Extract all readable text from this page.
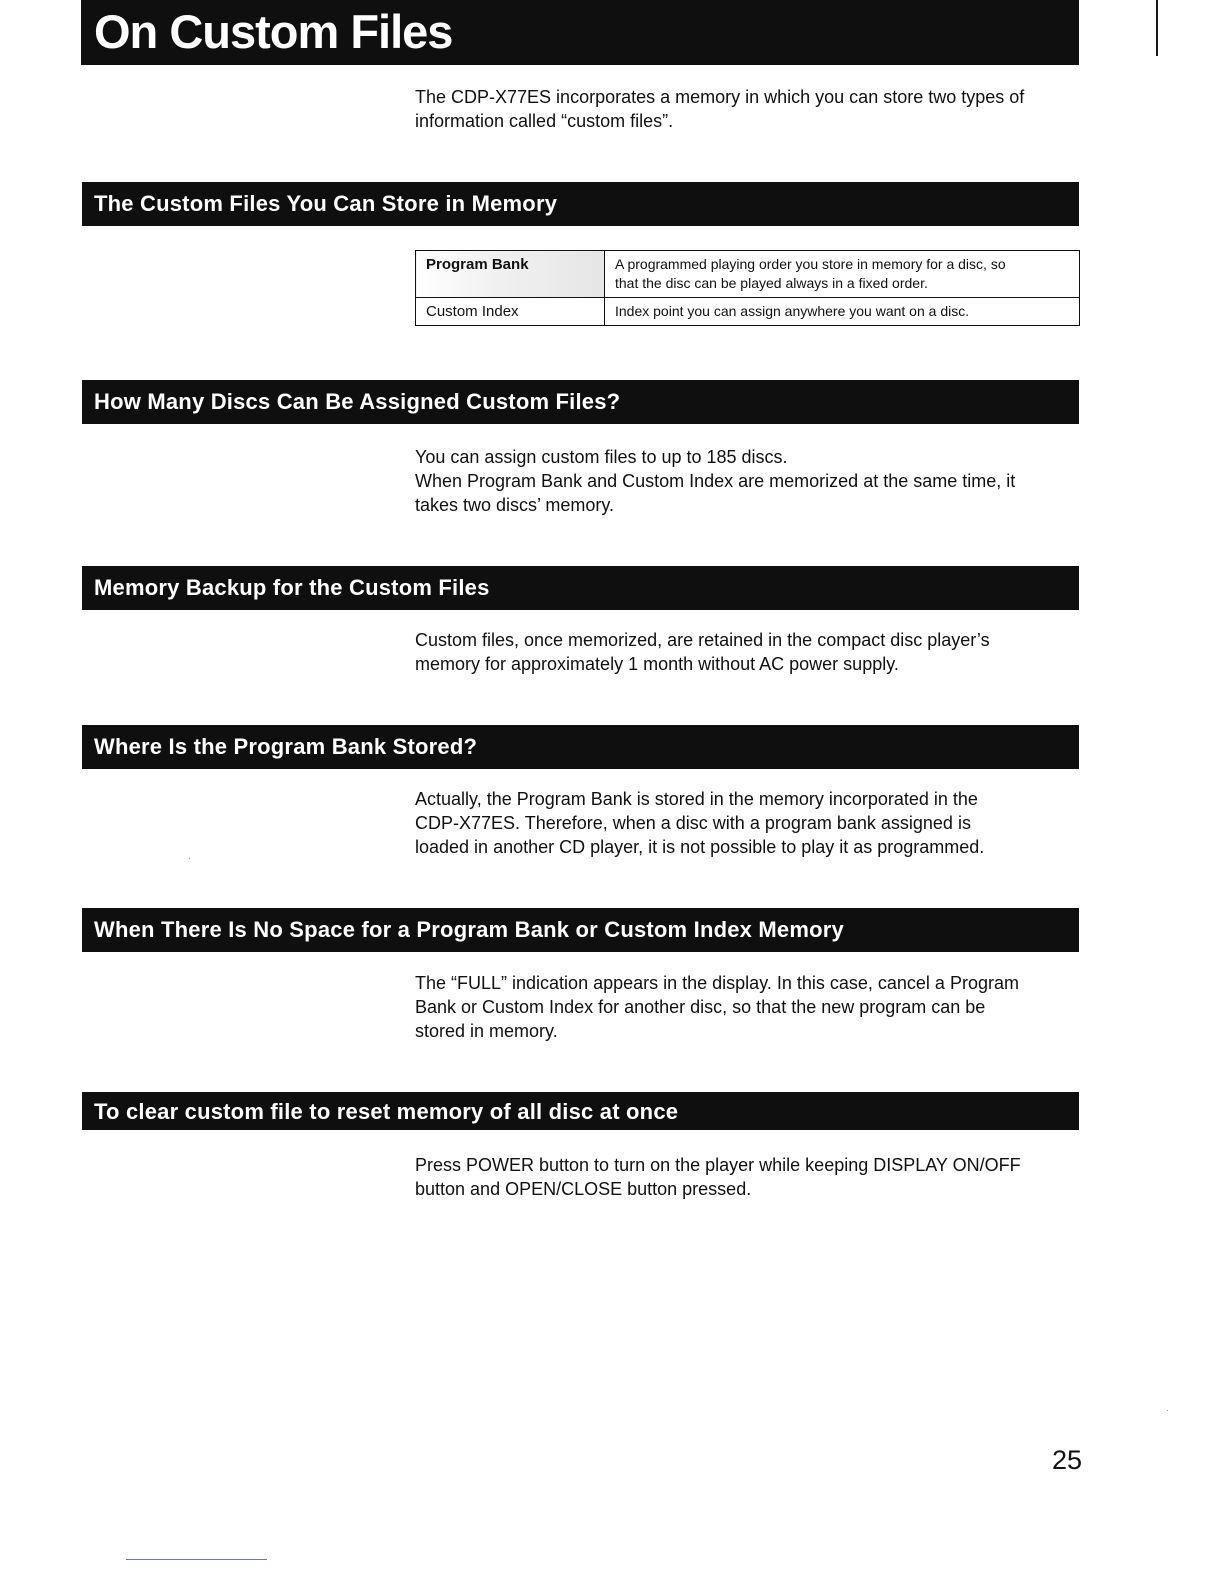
On Custom Files
The CDP-X77ES incorporates a memory in which you can store two types of
information called “custom files”.
The Custom Files You Can Store in Memory
Program Bank	A programmed playing order you store in memory for a disc, so
that the disc can be played always in a fixed order.

Custom Index	Index point you can assign anywhere you want on a disc.
How Many Discs Can Be Assigned Custom Files?
You can assign custom files to up to 185 discs.
When Program Bank and Custom Index are memorized at the same time, it
takes two discs’ memory.
Memory Backup for the Custom Files
Custom files, once memorized, are retained in the compact disc player’s
memory for approximately 1 month without AC power supply.
Where Is the Program Bank Stored?
Actually, the Program Bank is stored in the memory incorporated in the
CDP-X77ES. Therefore, when a disc with a program bank assigned is
loaded in another CD player, it is not possible to play it as programmed.
When There Is No Space for a Program Bank or Custom Index Memory
The “FULL” indication appears in the display. In this case, cancel a Program
Bank or Custom Index for another disc, so that the new program can be
stored in memory.
To clear custom file to reset memory of all disc at once
Press POWER button to turn on the player while keeping DISPLAY ON/OFF
button and OPEN/CLOSE button pressed.
25
